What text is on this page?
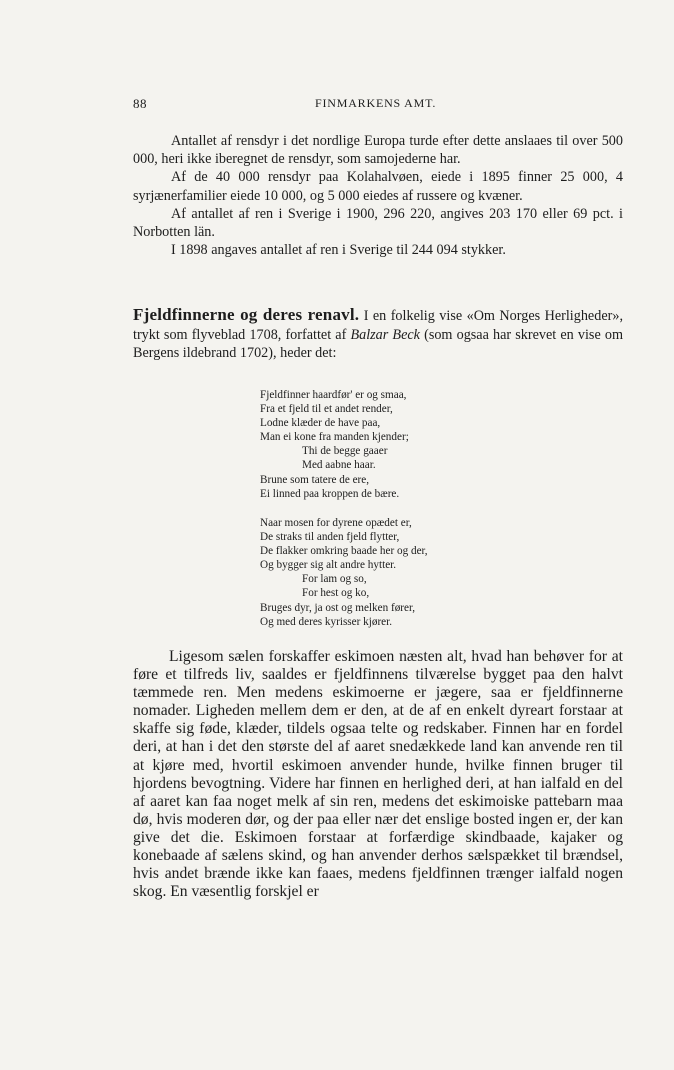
88	FINMARKENS AMT.

Antallet af rensdyr i det nordlige Europa turde efter dette anslaaes til over 500 000, heri ikke iberegnet de rensdyr, som samojederne har.

Af de 40 000 rensdyr paa Kolahalvøen, eiede i 1895 finner 25 000, 4 syrjænerfamilier eiede 10 000, og 5 000 eiedes af russere og kvæner.

Af antallet af ren i Sverige i 1900, 296 220, angives 203 170 eller 69 pct. i Norbotten län.

I 1898 angaves antallet af ren i Sverige til 244 094 stykker.

Fjeldfinnerne og deres renavl. I en folkelig vise «Om Norges Herligheder», trykt som flyveblad 1708, forfattet af Balzar Beck (som ogsaa har skrevet en vise om Bergens ildebrand 1702), heder det:

Fjeldfinner haardfør' er og smaa,
Fra et fjeld til et andet render,
Lodne klæder de have paa,
Man ei kone fra manden kjender;
Thi de begge gaaer
Med aabne haar.
Brune som tatere de ere,
Ei linned paa kroppen de bære.
Naar mosen for dyrene opædet er,
De straks til anden fjeld flytter,
De flakker omkring baade her og der,
Og bygger sig alt andre hytter.
For lam og so,
For hest og ko,
Bruges dyr, ja ost og melken fører,
Og med deres kyrisser kjører.

Ligesom sælen forskaffer eskimoen næsten alt, hvad han behøver for at føre et tilfreds liv, saaldes er fjeldfinnens tilværelse bygget paa den halvt tæmmede ren. Men medens eskimoerne er jægere, saa er fjeldfinnerne nomader. Ligheden mellem dem er den, at de af en enkelt dyreart forstaar at skaffe sig føde, klæder, tildels ogsaa telte og redskaber. Finnen har en fordel deri, at han i det den største del af aaret snedækkede land kan anvende ren til at kjøre med, hvortil eskimoen anvender hunde, hvilke finnen bruger til hjordens bevogtning. Videre har finnen en herlighed deri, at han ialfald en del af aaret kan faa noget melk af sin ren, medens det eskimoiske pattebarn maa dø, hvis moderen dør, og der paa eller nær det enslige bosted ingen er, der kan give det die. Eskimoen forstaar at forfærdige skindbaade, kajaker og konebaade af sælens skind, og han anvender derhos sælspækket til brændsel, hvis andet brænde ikke kan faaes, medens fjeldfinnen trænger ialfald nogen skog. En væsentlig forskjel er
